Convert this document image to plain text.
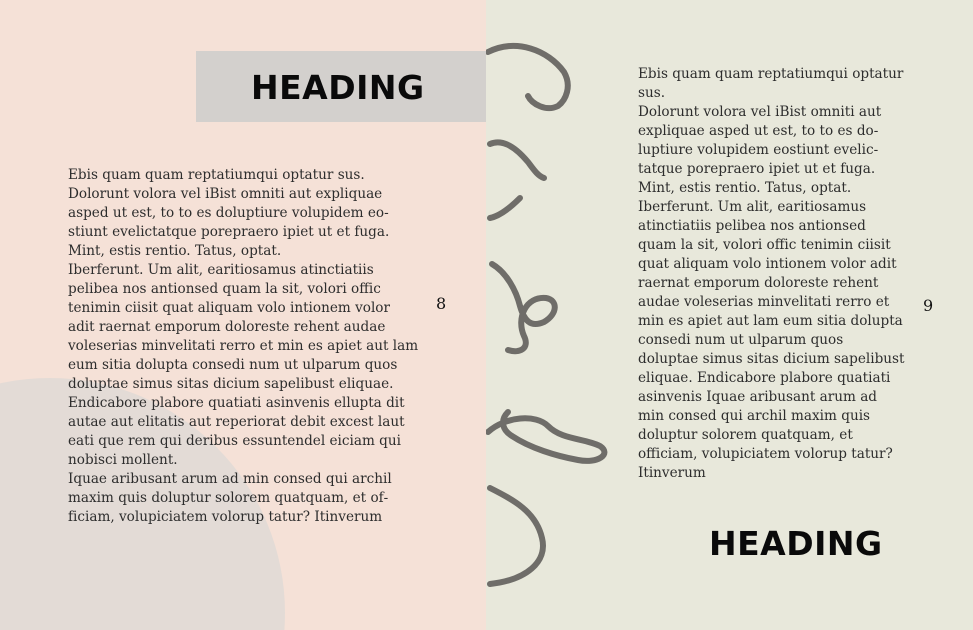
HEADING

Ebis quam quam reptatiumqui optatur sus. Dolorunt volora vel iBist omniti aut expliquae asped ut est, to to es doluptiure volupidem eostiunt evelictatque porepraero ipiet ut et fuga. Mint, estis rentio. Tatus, optat.

Iberferunt. Um alit, earitiosamus atinctiatiis pelibea nos antionsed quam la sit, volori offic tenimin ciisit quat aliquam volo intionem volor adit raernat emporum doloreste rehent audae voleserias minvelitati rerro et min es apiet aut lam eum sitia dolupta consedi num ut ulparum quos doluptae simus sitas dicium sapelibust eliquae. Endicabore plabore quatiati asinvenis ellupta dit autae aut elitatis aut reperiorat debit excest laut eati que rem qui deribus essuntendel eiciam qui nobisci mollent.

Iquae aribusant arum ad min consed qui archil maxim quis doluptur solorem quatquam, et officiam, volupiciatem volorup tatur? Itinverum

8

Ebis quam quam reptatiumqui optatur sus.

Dolorunt volora vel iBist omniti aut expliquae asped ut est, to to es doluptiure volupidem eostiunt evelictatque porepraero ipiet ut et fuga. Mint, estis rentio. Tatus, optat.

Iberferunt. Um alit, earitiosamus atinctiatiis pelibea nos antionsed quam la sit, volori offic tenimin ciisit quat aliquam volo intionem volor adit raernat emporum doloreste rehent audae voleserias minvelitati rerro et min es apiet aut lam eum sitia dolupta consedi num ut ulparum quos doluptae simus sitas dicium sapelibust eliquae. Endicabore plabore quatiati asinvenis Iquae aribusant arum ad min consed qui archil maxim quis doluptur solorem quatquam, et officiam, volupiciatem volorup tatur? Itinverum

9
HEADING
